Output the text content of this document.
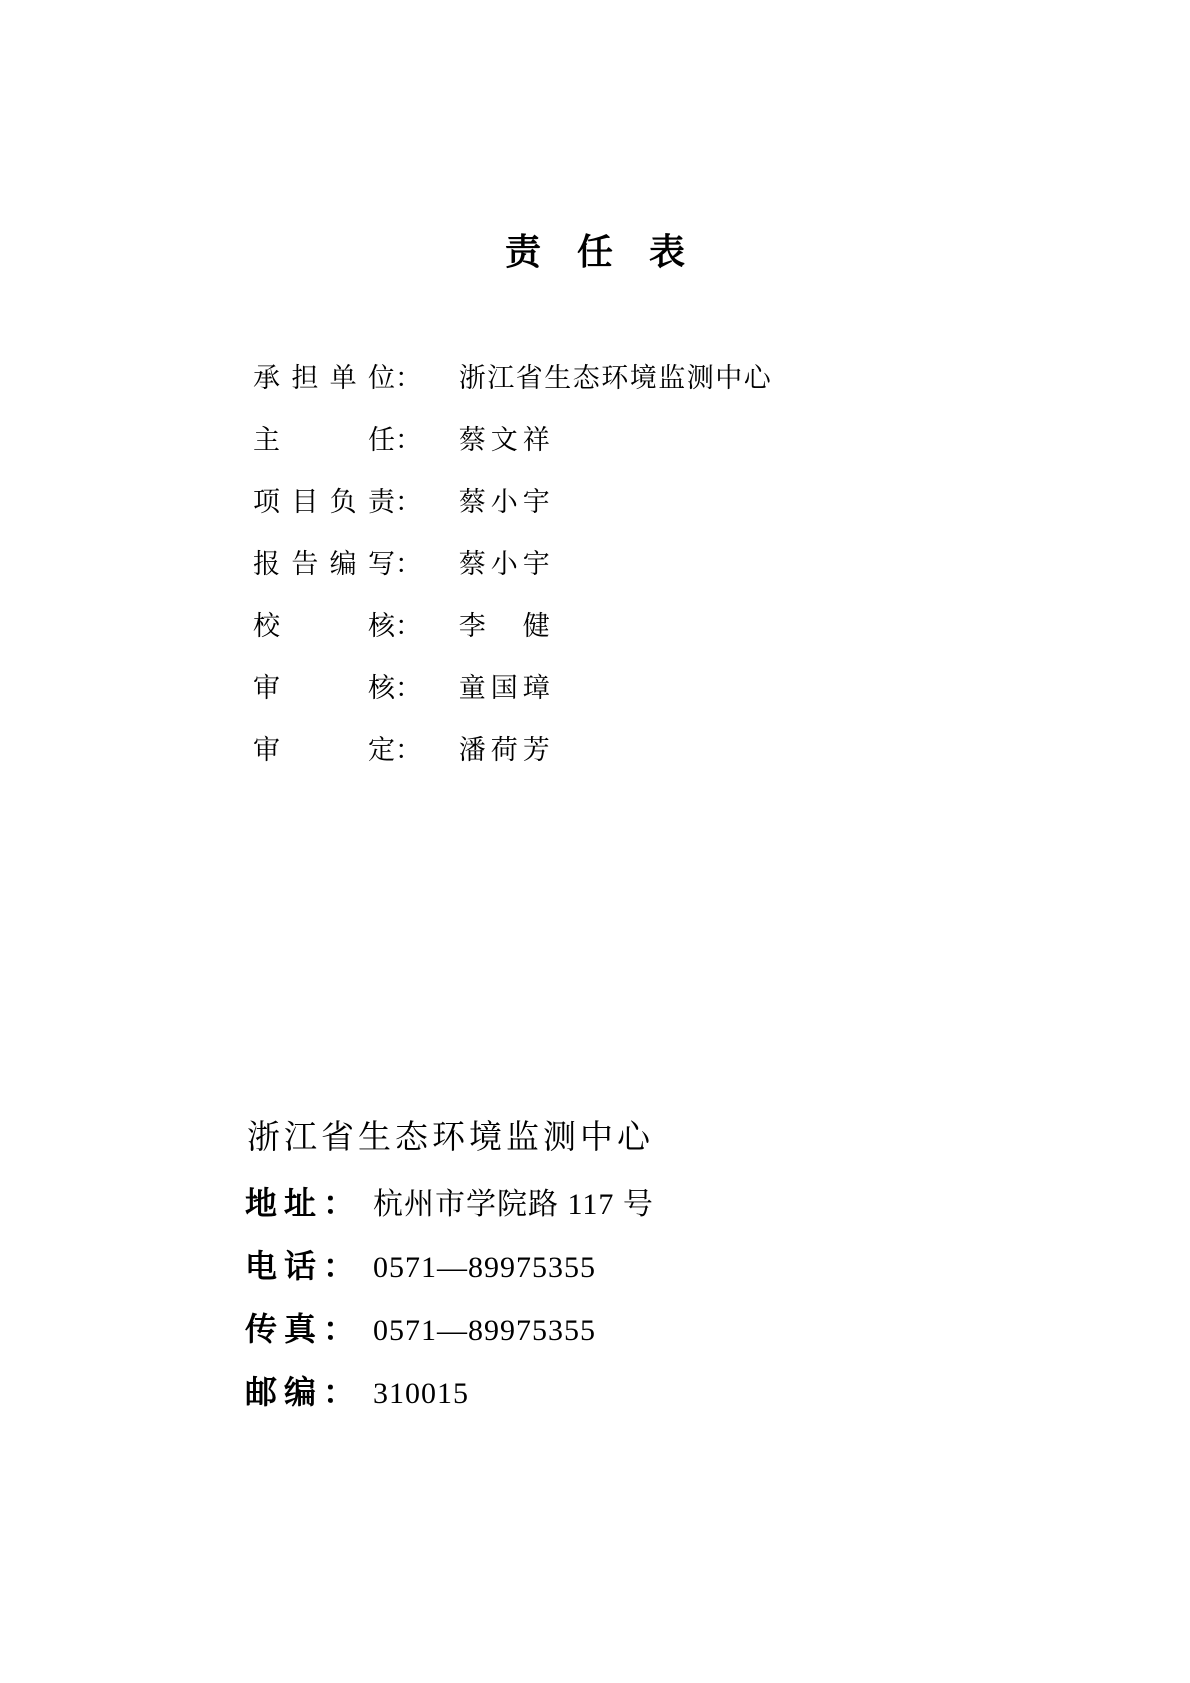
责　任　表
承担单位： 浙江省生态环境监测中心
主任： 蔡文祥
项目负责： 蔡小宇
报告编写： 蔡小宇
校核： 李　健
审核： 童国璋
审定： 潘荷芳
浙江省生态环境监测中心
地址： 杭州市学院路 117 号
电话： 0571—89975355
传真： 0571—89975355
邮编： 310015
